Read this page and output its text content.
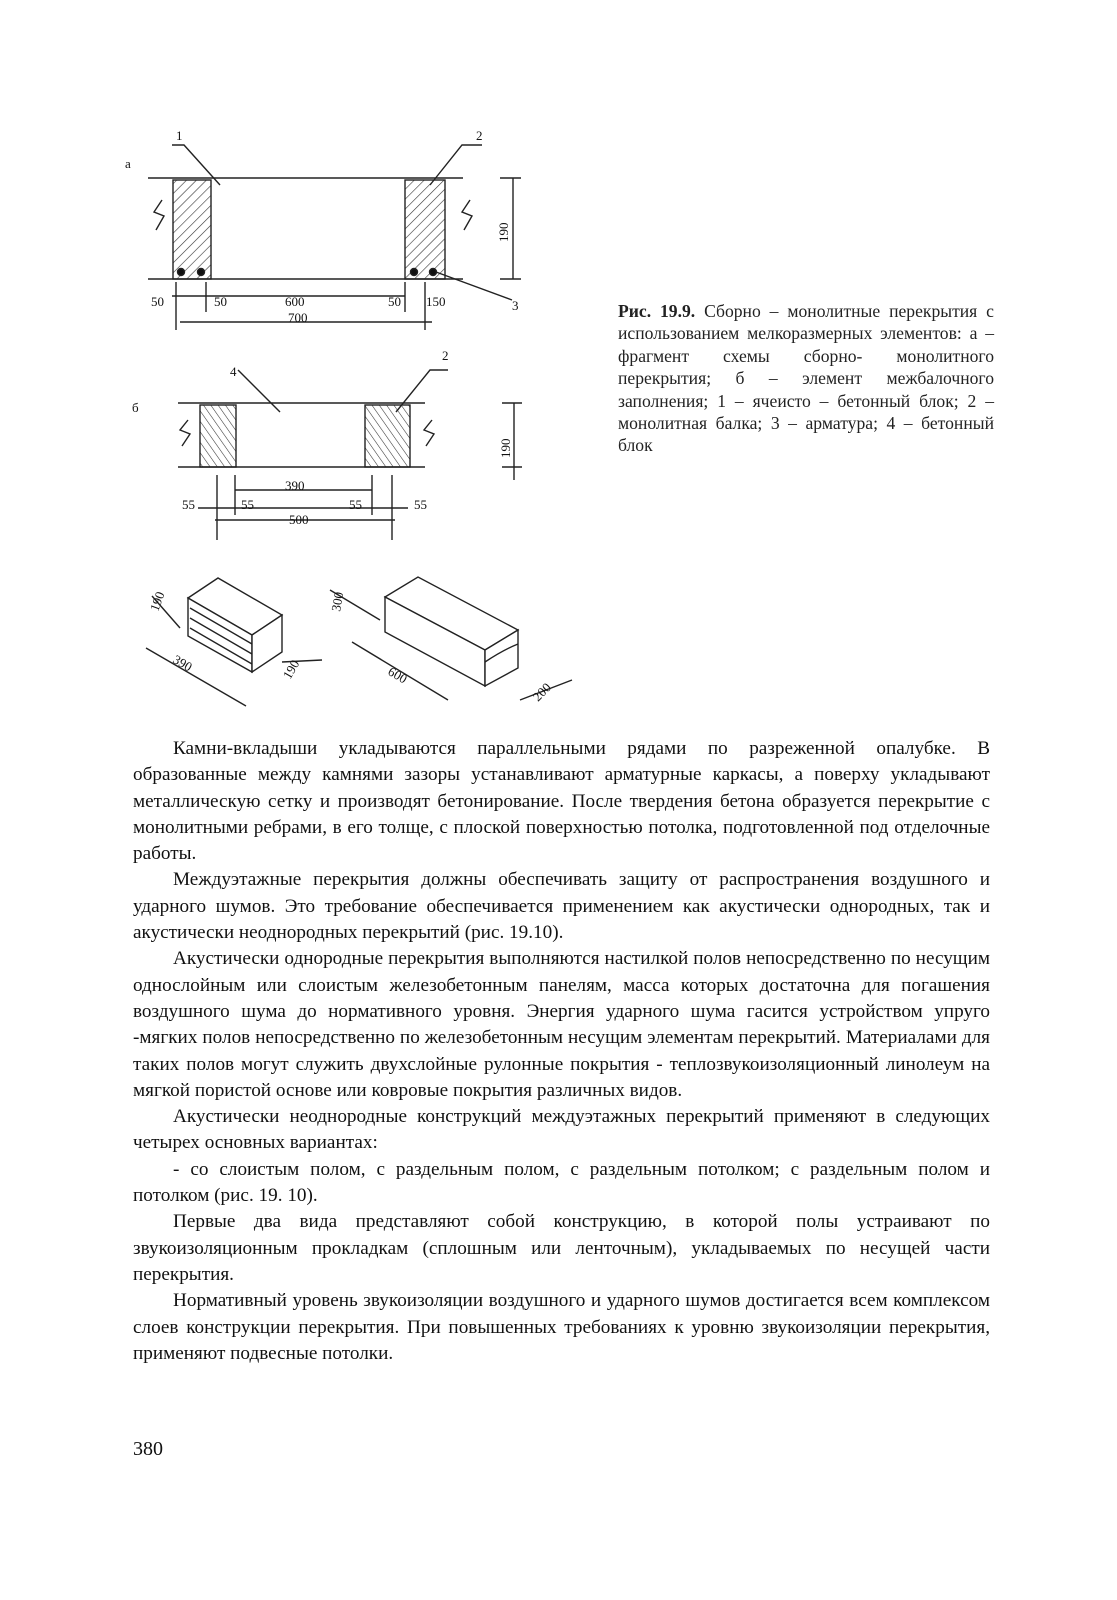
а
1	2
3
50	50	600	50 150
700
190
б
4
2
390
55	55	55	55
500
190
190
390	190
300
600
200
Рис. 19.9. Сборно – монолитные перекрытия с использованием мелкоразмерных элементов: а – фрагмент схемы сборно- монолитного перекрытия; б – элемент межбалочного заполнения; 1 – ячеисто – бетонный блок; 2 – монолитная балка; 3 – арматура; 4 – бетонный блок

Камни-вкладыши укладываются параллельными рядами по разреженной опалубке. В образованные между камнями зазоры устанавливают арматурные каркасы, а поверху укладывают металлическую сетку и производят бетонирование. После твердения бетона образуется перекрытие с монолитными ребрами, в его толще, с плоской поверхностью потолка, подготовленной под отделочные работы.

Междуэтажные перекрытия должны обеспечивать защиту от распространения воздушного и ударного шумов. Это требование обеспечивается применением как акустически однородных, так и акустически неоднородных перекрытий (рис. 19.10).

Акустически однородные перекрытия выполняются настилкой полов непосредственно по несущим однослойным или слоистым железобетонным панелям, масса которых достаточна для погашения воздушного шума до нормативного уровня. Энергия ударного шума гасится устройством упруго -мягких полов непосредственно по железобетонным несущим элементам перекрытий. Материалами для таких полов могут служить двухслойные рулонные покрытия - теплозвукоизоляционный линолеум на мягкой пористой основе или ковровые покрытия различных видов.

Акустически неоднородные конструкций междуэтажных перекрытий применяют в следующих четырех основных вариантах:

- со слоистым полом, с раздельным полом, с раздельным потолком; с раздельным полом и потолком (рис. 19. 10).

Первые два вида представляют собой конструкцию, в которой полы устраивают по звукоизоляционным прокладкам (сплошным или ленточным), укладываемых по несущей части перекрытия.

Нормативный уровень звукоизоляции воздушного и ударного шумов достигается всем комплексом слоев конструкции перекрытия. При повышенных требованиях к уровню звукоизоляции перекрытия, применяют подвесные потолки.

380
